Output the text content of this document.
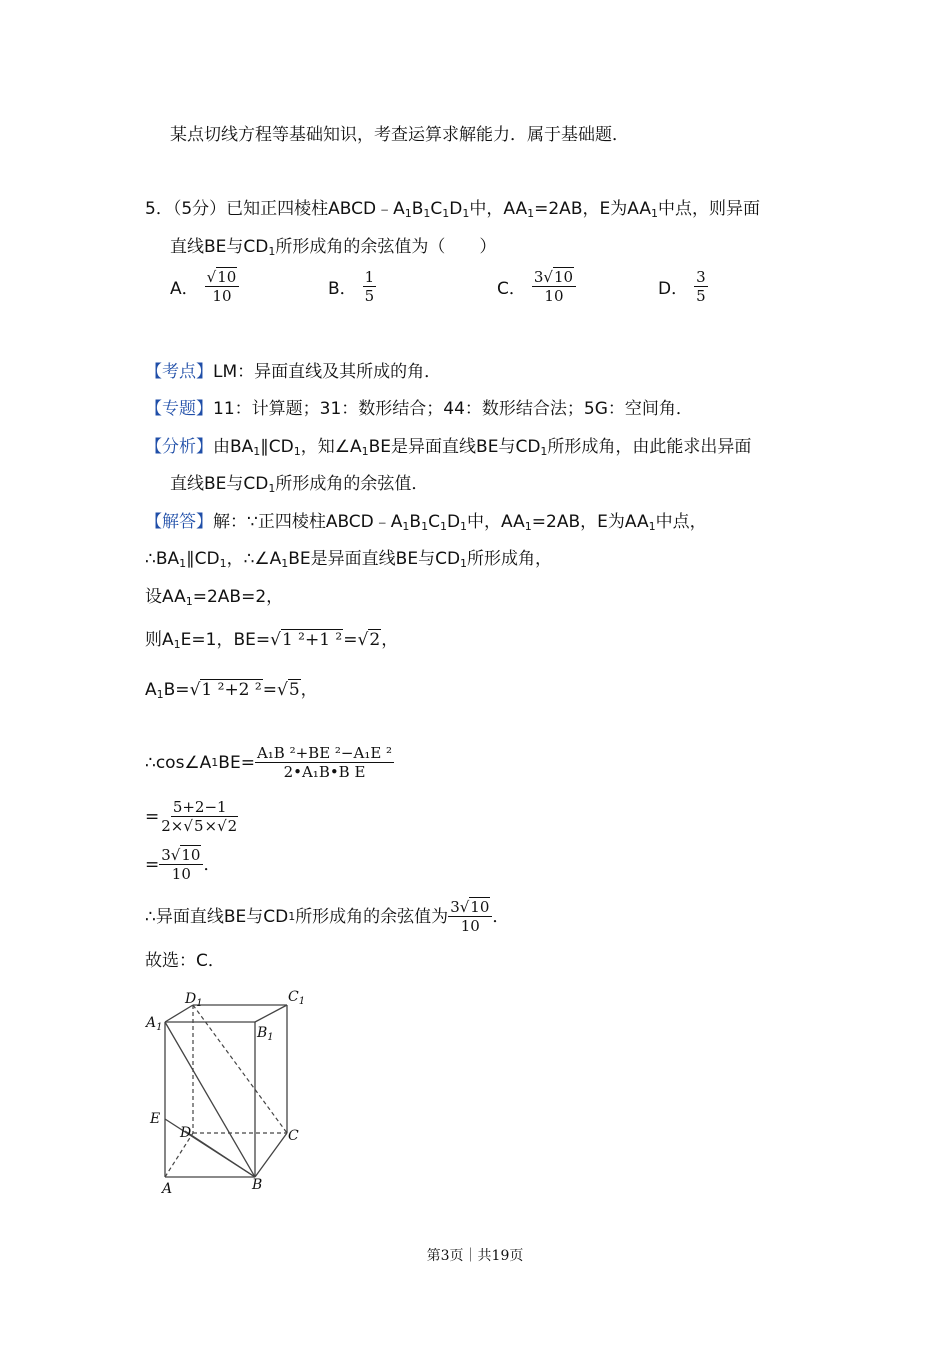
某点切线方程等基础知识，考查运算求解能力．属于基础题．
5．（5分）已知正四棱柱$ABCD﹣A_1B_1C_1D_1$中，$AA_1=2AB$，E为$AA_1$中点，则异面
直线BE与$CD_1$所形成角的余弦值为（　　）
A． $\frac{√10}{10}$	B． $\frac{1}{5}$	C． $\frac{3√10}{10}$	D． $\frac{3}{5}$
【考点】LM：异面直线及其所成的角．
【专题】11：计算题；31：数形结合；44：数形结合法；5G：空间角．
【分析】由$BA_1\parallel CD_1$，知$\angle A_1BE$是异面直线BE与$CD_1$所形成角，由此能求出异面
直线BE与$CD_1$所形成角的余弦值．
【解答】解：∵正四棱柱$ABCD﹣A_1B_1C_1D_1$中，$AA_1=2AB$，E为$AA_1$中点，
$\therefore BA_1\parallel CD_1$，$\therefore\angle A_1BE$是异面直线BE与$CD_1$所形成角，
设$AA_1=2AB=2$，
则$A_1E=1$，BE=√1 ²+1 ²=√2，
$A_1B=√1$ ²+2 ²=√5，
∴cos∠A 1 $BE= \frac{\text{A₁B ²+BE ²−A₁E ²}}{\text{2•A₁B•B E}}$
= $\frac{5+2-1}{2\times√5\times√2}$
= $\frac{3√10}{10}$ ．
∴异面直线BE与CD 1 所形成角的余弦值为 $\frac{3√10}{10}$ ．
故选：C．
$D_1$	$C_1$
$A_1$	$B_1$
E
D	C
A	B
第3页｜共19页
